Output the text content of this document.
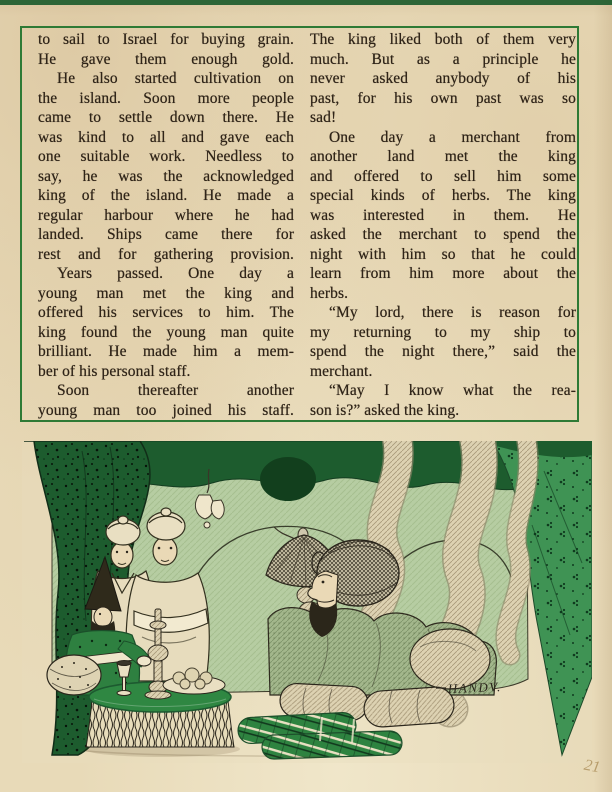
to sail to Israel for buying grain.
He gave them enough gold.
He also started cultivation on
the island. Soon more people
came to settle down there. He
was kind to all and gave each
one suitable work. Needless to
say, he was the acknowledged
king of the island. He made a
regular harbour where he had
landed. Ships came there for
rest and for gathering provision.
Years passed. One day a
young man met the king and
offered his services to him. The
king found the young man quite
brilliant. He made him a mem-
ber of his personal staff.
Soon thereafter another
young man too joined his staff.
The king liked both of them very
much. But as a principle he
never asked anybody of his
past, for his own past was so
sad!
One day a merchant from
another land met the king
and offered to sell him some
special kinds of herbs. The king
was interested in them. He
asked the merchant to spend the
night with him so that he could
learn from him more about the
herbs.
“My lord, there is reason for
my returning to my ship to
spend the night there,” said the
merchant.
“May I know what the rea-
son is?” asked the king.
HANDV.
21
